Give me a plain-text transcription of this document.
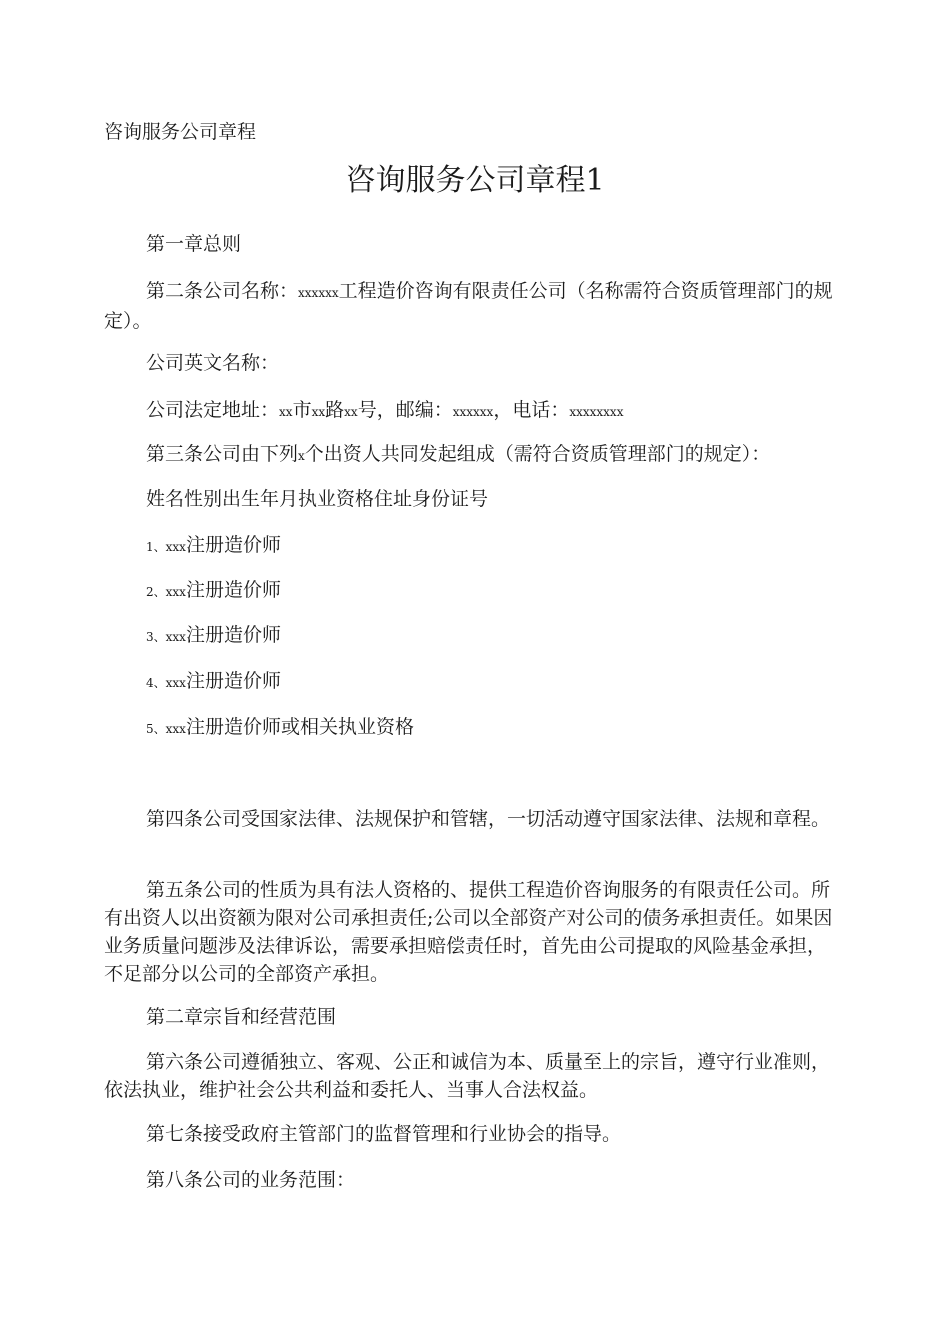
咨询服务公司章程
咨询服务公司章程1
第一章总则
第二条公司名称：xxxxxx工程造价咨询有限责任公司（名称需符合资质管理部门的规定）。
公司英文名称：
公司法定地址：xx市xx路xx号，邮编：xxxxxx，电话：xxxxxxxx
第三条公司由下列x个出资人共同发起组成（需符合资质管理部门的规定）：
姓名性别出生年月执业资格住址身份证号
1、xxx注册造价师
2、xxx注册造价师
3、xxx注册造价师
4、xxx注册造价师
5、xxx注册造价师或相关执业资格
第四条公司受国家法律、法规保护和管辖，一切活动遵守国家法律、法规和章程。
第五条公司的性质为具有法人资格的、提供工程造价咨询服务的有限责任公司。所有出资人以出资额为限对公司承担责任;公司以全部资产对公司的债务承担责任。如果因业务质量问题涉及法律诉讼，需要承担赔偿责任时，首先由公司提取的风险基金承担，不足部分以公司的全部资产承担。
第二章宗旨和经营范围
第六条公司遵循独立、客观、公正和诚信为本、质量至上的宗旨，遵守行业准则，依法执业，维护社会公共利益和委托人、当事人合法权益。
第七条接受政府主管部门的监督管理和行业协会的指导。
第八条公司的业务范围：
